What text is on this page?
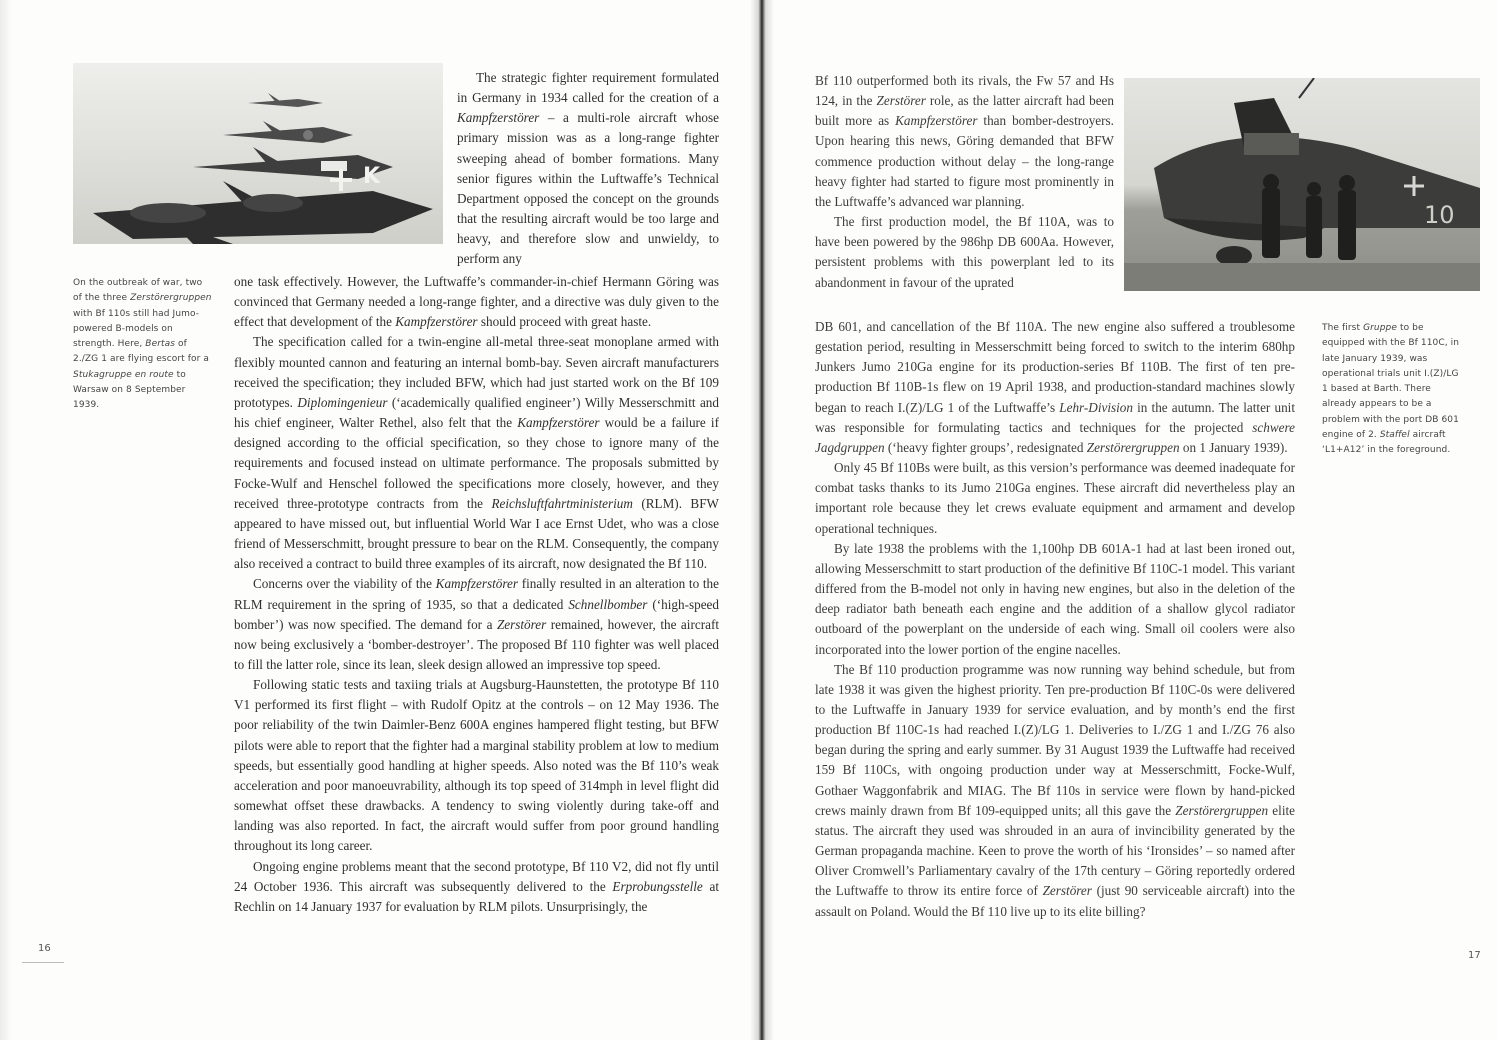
K
On the outbreak of war, two of the three Zerstörergruppen with Bf 110s still had Jumo-powered B-models on strength. Here, Bertas of 2./ZG 1 are flying escort for a Stukagruppe en route to Warsaw on 8 September 1939.

The strategic fighter requirement formulated in Germany in 1934 called for the creation of a Kampfzerstörer – a multi-role aircraft whose primary mission was as a long-range fighter sweeping ahead of bomber formations. Many senior figures within the Luftwaffe’s Technical Department opposed the concept on the grounds that the resulting aircraft would be too large and heavy, and therefore slow and unwieldy, to perform any

one task effectively. However, the Luftwaffe’s commander-in-chief Hermann Göring was convinced that Germany needed a long-range fighter, and a directive was duly given to the effect that development of the Kampfzerstörer should proceed with great haste.

The specification called for a twin-engine all-metal three-seat monoplane armed with flexibly mounted cannon and featuring an internal bomb-bay. Seven aircraft manufacturers received the specification; they included BFW, which had just started work on the Bf 109 prototypes. Diplomingenieur (‘academically qualified engineer’) Willy Messerschmitt and his chief engineer, Walter Rethel, also felt that the Kampfzerstörer would be a failure if designed according to the official specification, so they chose to ignore many of the requirements and focused instead on ultimate performance. The proposals submitted by Focke-Wulf and Henschel followed the specifications more closely, however, and they received three-prototype contracts from the Reichsluftfahrtministerium (RLM). BFW appeared to have missed out, but influential World War I ace Ernst Udet, who was a close friend of Messerschmitt, brought pressure to bear on the RLM. Consequently, the company also received a contract to build three examples of its aircraft, now designated the Bf 110.

Concerns over the viability of the Kampfzerstörer finally resulted in an alteration to the RLM requirement in the spring of 1935, so that a dedicated Schnellbomber (‘high-speed bomber’) was now specified. The demand for a Zerstörer remained, however, the aircraft now being exclusively a ‘bomber-destroyer’. The proposed Bf 110 fighter was well placed to fill the latter role, since its lean, sleek design allowed an impressive top speed.

Following static tests and taxiing trials at Augsburg-Haunstetten, the prototype Bf 110 V1 performed its first flight – with Rudolf Opitz at the controls – on 12 May 1936. The poor reliability of the twin Daimler-Benz 600A engines hampered flight testing, but BFW pilots were able to report that the fighter had a marginal stability problem at low to medium speeds, but essentially good handling at higher speeds. Also noted was the Bf 110’s weak acceleration and poor manoeuvrability, although its top speed of 314mph in level flight did somewhat offset these drawbacks. A tendency to swing violently during take-off and landing was also reported. In fact, the aircraft would suffer from poor ground handling throughout its long career.

Ongoing engine problems meant that the second prototype, Bf 110 V2, did not fly until 24 October 1936. This aircraft was subsequently delivered to the Erprobungsstelle at Rechlin on 14 January 1937 for evaluation by RLM pilots. Unsurprisingly, the

16
10

Bf 110 outperformed both its rivals, the Fw 57 and Hs 124, in the Zerstörer role, as the latter aircraft had been built more as Kampfzerstörer than bomber-destroyers. Upon hearing this news, Göring demanded that BFW commence production without delay – the long-range heavy fighter had started to figure most prominently in the Luftwaffe’s advanced war planning.

The first production model, the Bf 110A, was to have been powered by the 986hp DB 600Aa. However, persistent problems with this powerplant led to its abandonment in favour of the uprated

DB 601, and cancellation of the Bf 110A. The new engine also suffered a troublesome gestation period, resulting in Messerschmitt being forced to switch to the interim 680hp Junkers Jumo 210Ga engine for its production-series Bf 110B. The first of ten pre-production Bf 110B-1s flew on 19 April 1938, and production-standard machines slowly began to reach I.(Z)/LG 1 of the Luftwaffe’s Lehr-Division in the autumn. The latter unit was responsible for formulating tactics and techniques for the projected schwere Jagdgruppen (‘heavy fighter groups’, redesignated Zerstörergruppen on 1 January 1939).

Only 45 Bf 110Bs were built, as this version’s performance was deemed inadequate for combat tasks thanks to its Jumo 210Ga engines. These aircraft did nevertheless play an important role because they let crews evaluate equipment and armament and develop operational techniques.

By late 1938 the problems with the 1,100hp DB 601A-1 had at last been ironed out, allowing Messerschmitt to start production of the definitive Bf 110C-1 model. This variant differed from the B-model not only in having new engines, but also in the deletion of the deep radiator bath beneath each engine and the addition of a shallow glycol radiator outboard of the powerplant on the underside of each wing. Small oil coolers were also incorporated into the lower portion of the engine nacelles.

The Bf 110 production programme was now running way behind schedule, but from late 1938 it was given the highest priority. Ten pre-production Bf 110C-0s were delivered to the Luftwaffe in January 1939 for service evaluation, and by month’s end the first production Bf 110C-1s had reached I.(Z)/LG 1. Deliveries to I./ZG 1 and I./ZG 76 also began during the spring and early summer. By 31 August 1939 the Luftwaffe had received 159 Bf 110Cs, with ongoing production under way at Messerschmitt, Focke-Wulf, Gothaer Waggonfabrik and MIAG. The Bf 110s in service were flown by hand-picked crews mainly drawn from Bf 109-equipped units; all this gave the Zerstörergruppen elite status. The aircraft they used was shrouded in an aura of invincibility generated by the German propaganda machine. Keen to prove the worth of his ‘Ironsides’ – so named after Oliver Cromwell’s Parliamentary cavalry of the 17th century – Göring reportedly ordered the Luftwaffe to throw its entire force of Zerstörer (just 90 serviceable aircraft) into the assault on Poland. Would the Bf 110 live up to its elite billing?

The first Gruppe to be equipped with the Bf 110C, in late January 1939, was operational trials unit I.(Z)/LG 1 based at Barth. There already appears to be a problem with the port DB 601 engine of 2. Staffel aircraft ‘L1+A12’ in the foreground.
17
